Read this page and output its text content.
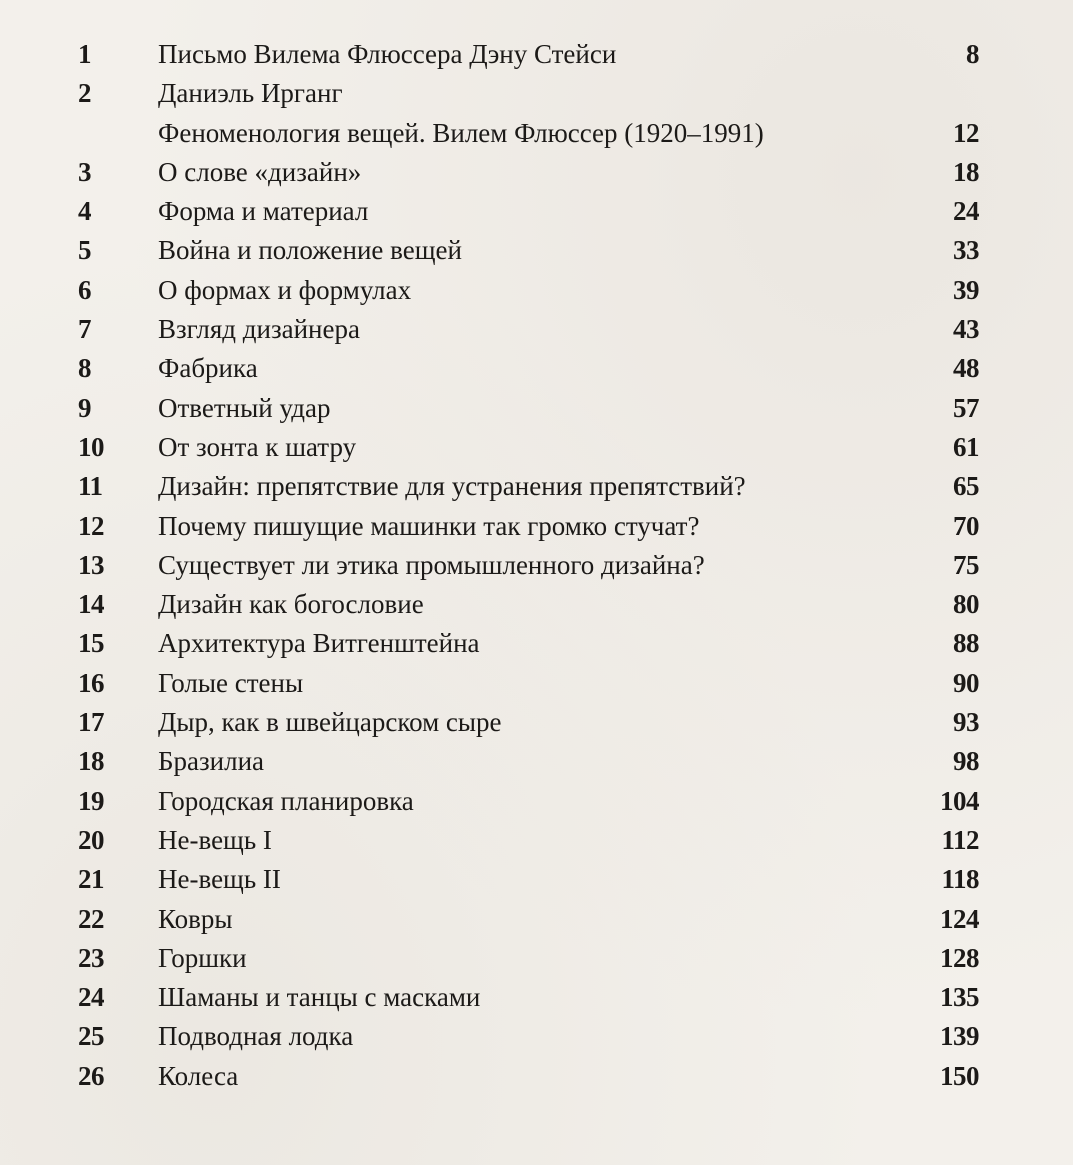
1	Письмо Вилема Флюссера Дэну Стейси	8
2	Даниэль Ирганг
Феноменология вещей. Вилем Флюссер (1920–1991)	12
3	О слове «дизайн»	18
4	Форма и материал	24
5	Война и положение вещей	33
6	О формах и формулах	39
7	Взгляд дизайнера	43
8	Фабрика	48
9	Ответный удар	57
10	От зонта к шатру	61
11	Дизайн: препятствие для устранения препятствий?	65
12	Почему пишущие машинки так громко стучат?	70
13	Существует ли этика промышленного дизайна?	75
14	Дизайн как богословие	80
15	Архитектура Витгенштейна	88
16	Голые стены	90
17	Дыр, как в швейцарском сыре	93
18	Бразилиа	98
19	Городская планировка	104
20	Не-вещь I	112
21	Не-вещь II	118
22	Ковры	124
23	Горшки	128
24	Шаманы и танцы с масками	135
25	Подводная лодка	139
26	Колеса	150
